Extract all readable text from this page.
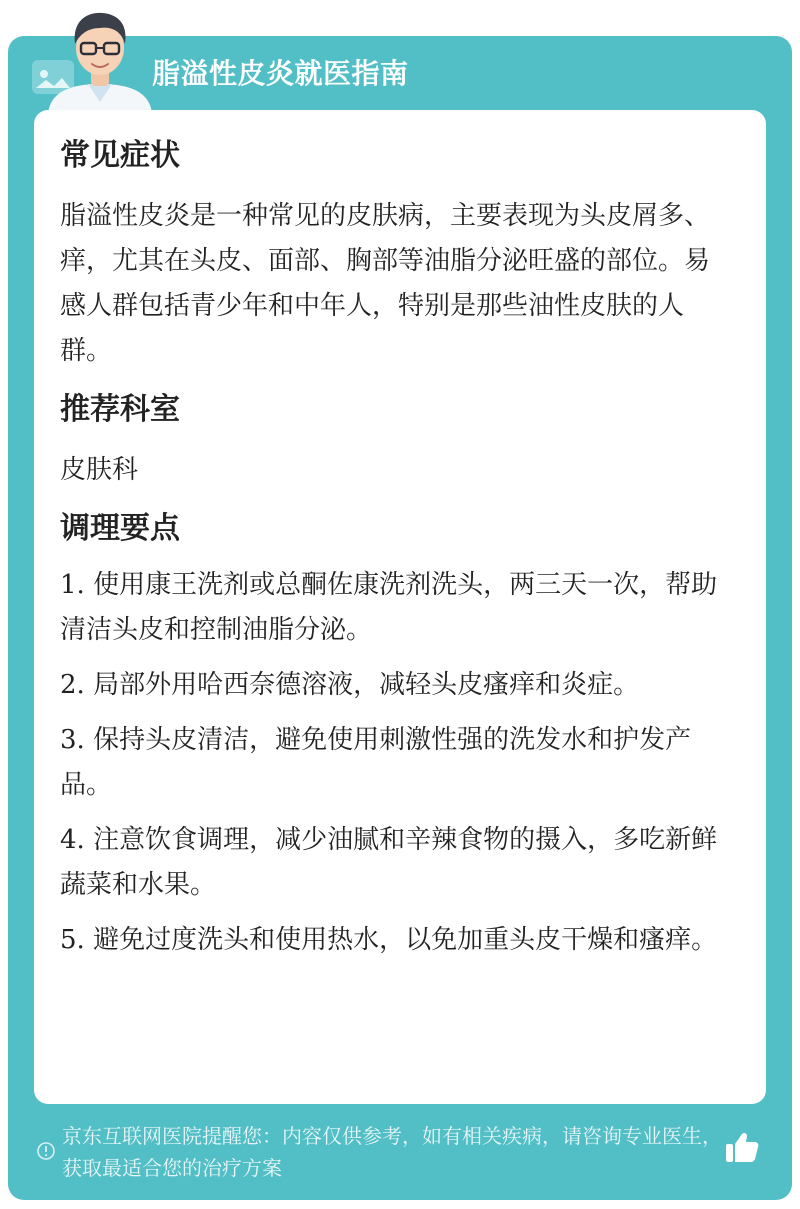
脂溢性皮炎就医指南
常见症状

脂溢性皮炎是一种常见的皮肤病，主要表现为头皮屑多、痒，尤其在头皮、面部、胸部等油脂分泌旺盛的部位。易感人群包括青少年和中年人，特别是那些油性皮肤的人群。

推荐科室

皮肤科

调理要点

1. 使用康王洗剂或总酮佐康洗剂洗头，两三天一次，帮助清洁头皮和控制油脂分泌。

2. 局部外用哈西奈德溶液，减轻头皮瘙痒和炎症。

3. 保持头皮清洁，避免使用刺激性强的洗发水和护发产品。

4. 注意饮食调理，减少油腻和辛辣食物的摄入，多吃新鲜蔬菜和水果。

5. 避免过度洗头和使用热水，以免加重头皮干燥和瘙痒。

京东互联网医院提醒您：内容仅供参考，如有相关疾病，请咨询专业医生，获取最适合您的治疗方案
